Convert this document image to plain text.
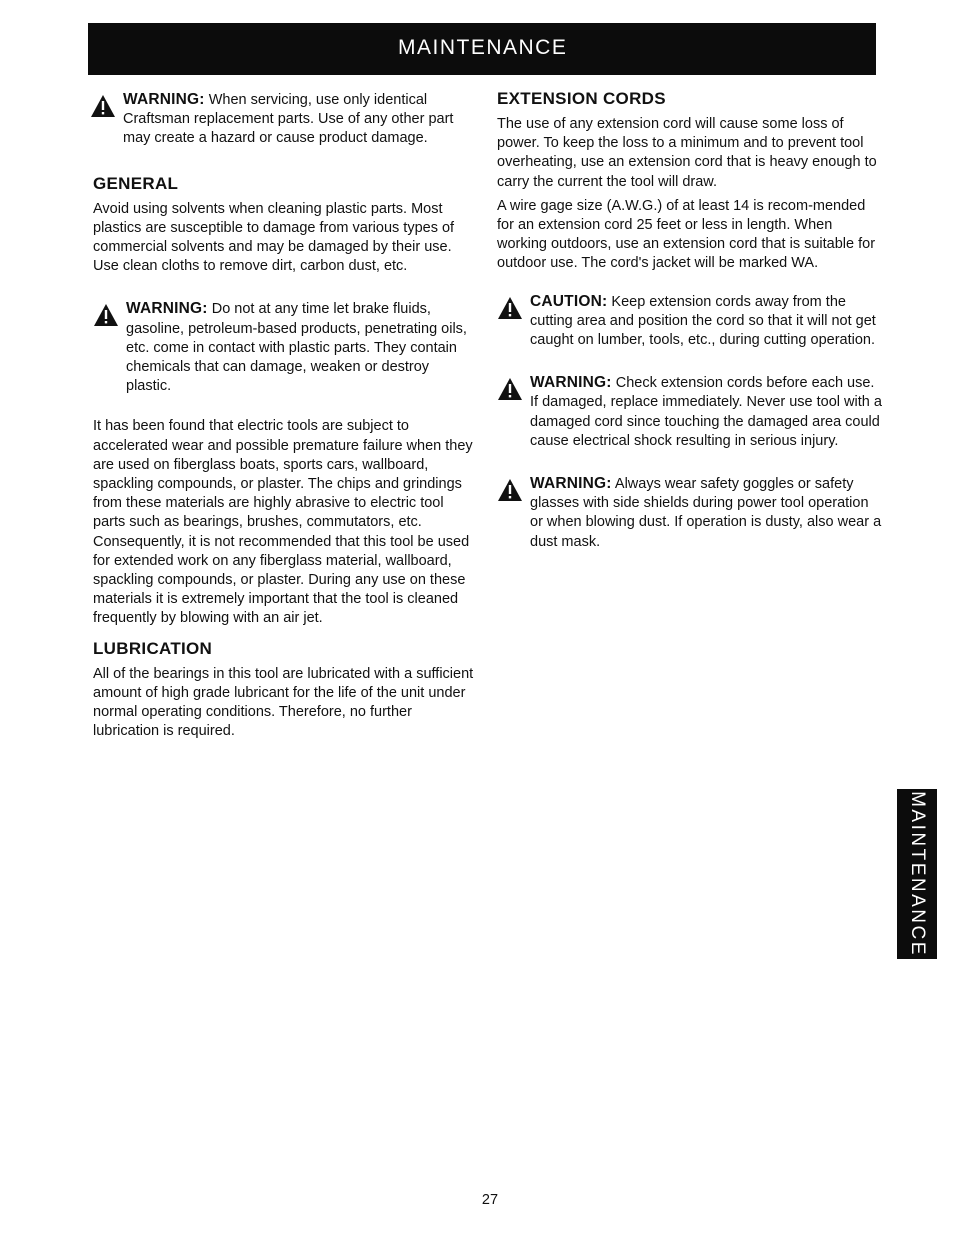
MAINTENANCE

WARNING: When servicing, use only identical Craftsman replacement parts. Use of any other part may create a hazard or cause product damage.

GENERAL

Avoid using solvents when cleaning plastic parts. Most plastics are susceptible to damage from various types of commercial solvents and may be damaged by their use. Use clean cloths to remove dirt, carbon dust, etc.

WARNING: Do not at any time let brake fluids, gasoline, petroleum-based products, penetrating oils, etc. come in contact with plastic parts. They contain chemicals that can damage, weaken or destroy plastic.

It has been found that electric tools are subject to accelerated wear and possible premature failure when they are used on fiberglass boats, sports cars, wallboard, spackling compounds, or plaster. The chips and grindings from these materials are highly abrasive to electric tool parts such as bearings, brushes, commutators, etc. Consequently, it is not recommended that this tool be used for extended work on any fiberglass material, wallboard, spackling compounds, or plaster. During any use on these materials it is extremely important that the tool is cleaned frequently by blowing with an air jet.

LUBRICATION

All of the bearings in this tool are lubricated with a sufficient amount of high grade lubricant for the life of the unit under normal operating conditions. Therefore, no further lubrication is required.

EXTENSION CORDS

The use of any extension cord will cause some loss of power. To keep the loss to a minimum and to prevent tool overheating, use an extension cord that is heavy enough to carry the current the tool will draw.

A wire gage size (A.W.G.) of at least 14 is recom-mended for an extension cord 25 feet or less in length. When working outdoors, use an extension cord that is suitable for outdoor use. The cord's jacket will be marked WA.

CAUTION: Keep extension cords away from the cutting area and position the cord so that it will not get caught on lumber, tools, etc., during cutting operation.

WARNING: Check extension cords before each use. If damaged, replace immediately. Never use tool with a damaged cord since touching the damaged area could cause electrical shock resulting in serious injury.

WARNING: Always wear safety goggles or safety glasses with side shields during power tool operation or when blowing dust. If operation is dusty, also wear a dust mask.

MAINTENANCE
27
